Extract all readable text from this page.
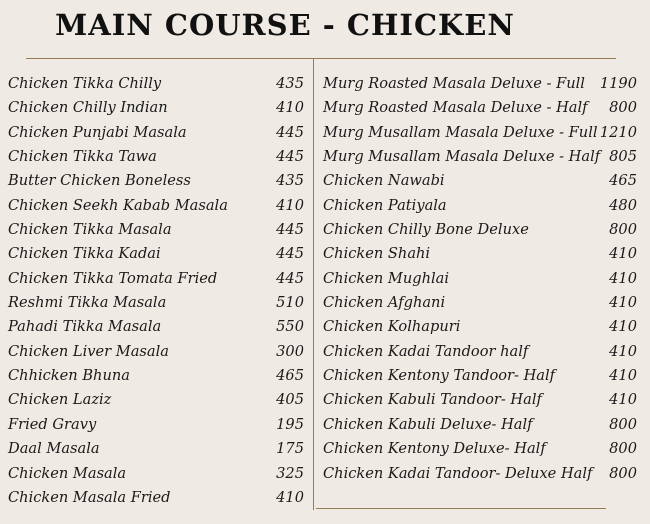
MAIN COURSE - CHICKEN
Chicken Tikka Chilly	435
Chicken Chilly Indian	410
Chicken Punjabi Masala	445
Chicken Tikka Tawa	445
Butter Chicken Boneless	435
Chicken Seekh Kabab Masala	410
Chicken Tikka Masala	445
Chicken Tikka Kadai	445
Chicken Tikka Tomata Fried	445
Reshmi Tikka Masala	510
Pahadi Tikka Masala	550
Chicken Liver Masala	300
Chhicken Bhuna	465
Chicken Laziz	405
Fried Gravy	195
Daal Masala	175
Chicken Masala	325
Chicken Masala Fried	410
Murg Roasted Masala Deluxe - Full 1190
Murg Roasted Masala Deluxe - Half 800
Murg Musallam Masala Deluxe - Full 1210
Murg Musallam Masala Deluxe - Half 805
Chicken Nawabi	465
Chicken Patiyala	480
Chicken Chilly Bone Deluxe	800
Chicken Shahi	410
Chicken Mughlai	410
Chicken Afghani	410
Chicken Kolhapuri	410
Chicken Kadai Tandoor half	410
Chicken Kentony Tandoor- Half	410
Chicken Kabuli Tandoor- Half	410
Chicken Kabuli Deluxe- Half	800
Chicken Kentony Deluxe- Half	800
Chicken Kadai Tandoor- Deluxe Half 800
